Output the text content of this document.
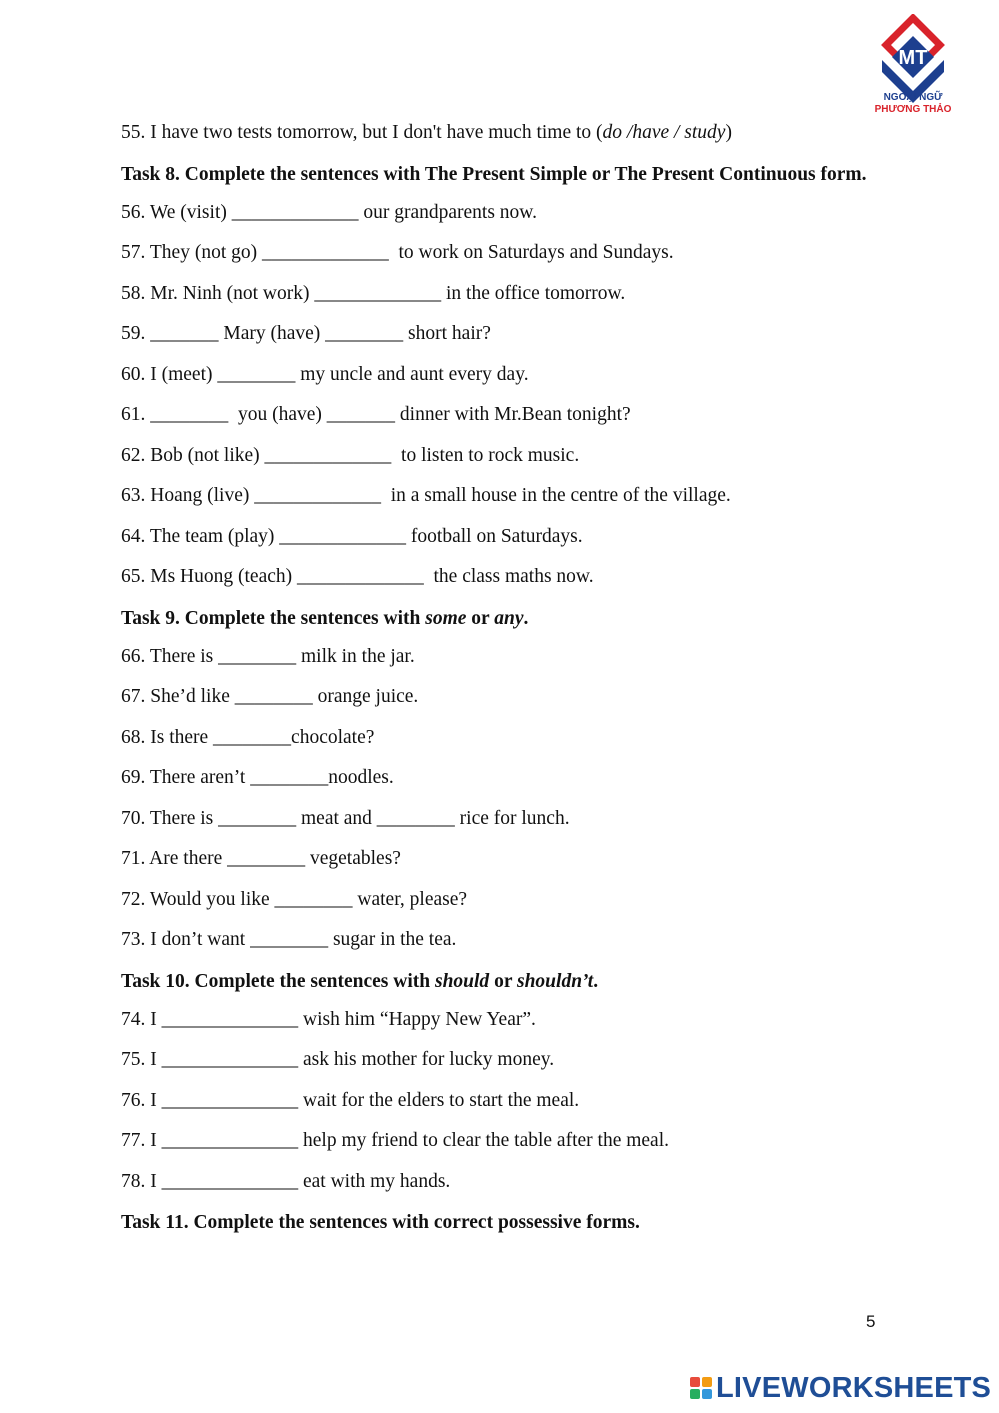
MT
NGOẠI NGỮ
PHƯƠNG THẢO

55. I have two tests tomorrow, but I don't have much time to (do /have / study)

Task 8. Complete the sentences with The Present Simple or The Present Continuous form.

56. We (visit) _____________ our grandparents now.

57. They (not go) _____________  to work on Saturdays and Sundays.

58. Mr. Ninh (not work) _____________ in the office tomorrow.

59. _______ Mary (have) ________ short hair?

60. I (meet) ________ my uncle and aunt every day.

61. ________  you (have) _______ dinner with Mr.Bean tonight?

62. Bob (not like) _____________  to listen to rock music.

63. Hoang (live) _____________  in a small house in the centre of the village.

64. The team (play) _____________ football on Saturdays.

65. Ms Huong (teach) _____________  the class maths now.

Task 9. Complete the sentences with some or any.

66. There is ________ milk in the jar.

67. She’d like ________ orange juice.

68. Is there ________chocolate?

69. There aren’t ________noodles.

70. There is ________ meat and ________ rice for lunch.

71. Are there ________ vegetables?

72. Would you like ________ water, please?

73. I don’t want ________ sugar in the tea.

Task 10. Complete the sentences with should or shouldn’t.

74. I ______________ wish him “Happy New Year”.

75. I ______________ ask his mother for lucky money.

76. I ______________ wait for the elders to start the meal.

77. I ______________ help my friend to clear the table after the meal.

78. I ______________ eat with my hands.

Task 11. Complete the sentences with correct possessive forms.

5
LIVEWORKSHEETS
